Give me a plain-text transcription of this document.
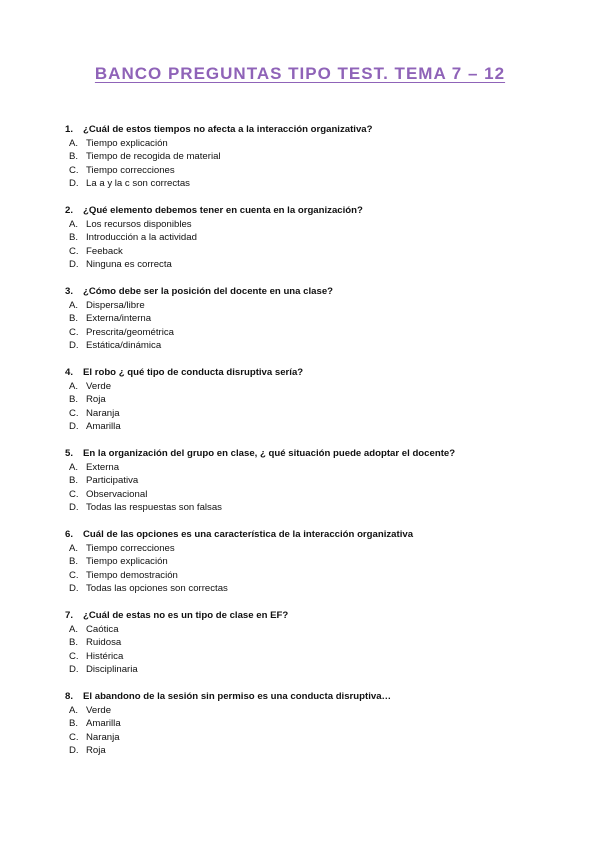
BANCO PREGUNTAS TIPO TEST. TEMA 7 – 12
1.	¿Cuál de estos tiempos no afecta a la interacción organizativa?
A. Tiempo explicación
B. Tiempo de recogida de material
C. Tiempo correcciones
D. La a y la c son correctas
2.	¿Qué elemento debemos tener en cuenta en la organización?
A. Los recursos disponibles
B. Introducción a la actividad
C. Feeback
D. Ninguna es correcta
3.	¿Cómo debe ser la posición del docente en una clase?
A. Dispersa/libre
B. Externa/interna
C. Prescrita/geométrica
D. Estática/dinámica
4.	El robo ¿ qué tipo de conducta disruptiva sería?
A. Verde
B. Roja
C. Naranja
D. Amarilla
5.	En la organización del grupo en clase, ¿ qué situación puede adoptar el docente?
A. Externa
B. Participativa
C. Observacional
D. Todas las respuestas son falsas
6.	Cuál de las opciones es una característica de la interacción organizativa
A. Tiempo correcciones
B. Tiempo explicación
C. Tiempo demostración
D. Todas las opciones son correctas
7.	¿Cuál de estas no es un tipo de clase en EF?
A. Caótica
B. Ruidosa
C. Histérica
D. Disciplinaria
8.	El abandono de la sesión sin permiso es una conducta disruptiva…
A. Verde
B. Amarilla
C. Naranja
D. Roja
